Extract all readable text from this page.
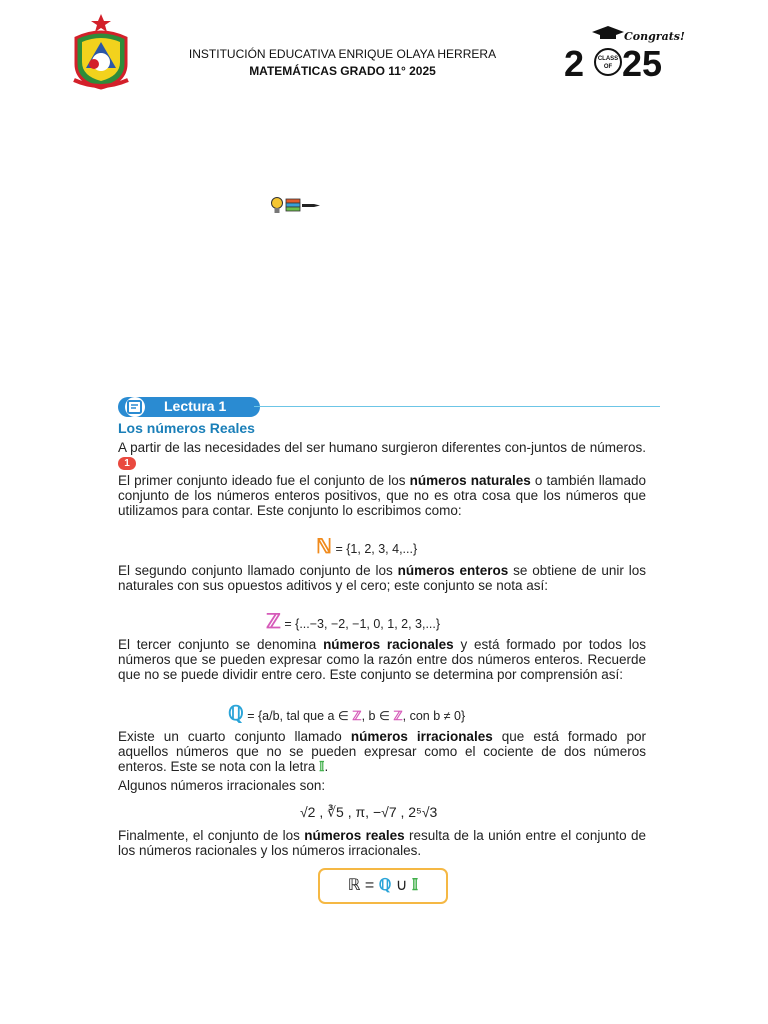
INSTITUCIÓN EDUCATIVA ENRIQUE OLAYA HERRERA
MATEMÁTICAS GRADO 11° 2025
Congrats!
2 CLASS
OF 25
Lectura 1
Los números Reales
A partir de las necesidades del ser humano surgieron diferentes con-juntos de números. 1
El primer conjunto ideado fue el conjunto de los números naturales o también llamado conjunto de los números enteros positivos, que no es otra cosa que los números que utilizamos para contar. Este conjunto lo escribimos como:
ℕ = {1, 2, 3, 4,...}
El segundo conjunto llamado conjunto de los números enteros se obtiene de unir los naturales con sus opuestos aditivos y el cero; este conjunto se nota así:
ℤ = {...−3, −2, −1, 0, 1, 2, 3,...}
El tercer conjunto se denomina números racionales y está formado por todos los números que se pueden expresar como la razón entre dos números enteros. Recuerde que no se puede dividir entre cero. Este conjunto se determina por comprensión así:
ℚ = {a/b, tal que a ∈ ℤ, b ∈ ℤ, con b ≠ 0}
Existe un cuarto conjunto llamado números irracionales que está formado por aquellos números que no se pueden expresar como el cociente de dos números enteros. Este se nota con la letra 𝕀.
Algunos números irracionales son:
√2 , ∛5 , π, −√7 , 2⁵√3
Finalmente, el conjunto de los números reales resulta de la unión entre el conjunto de los números racionales y los números irracionales.
ℝ = ℚ ∪ 𝕀
